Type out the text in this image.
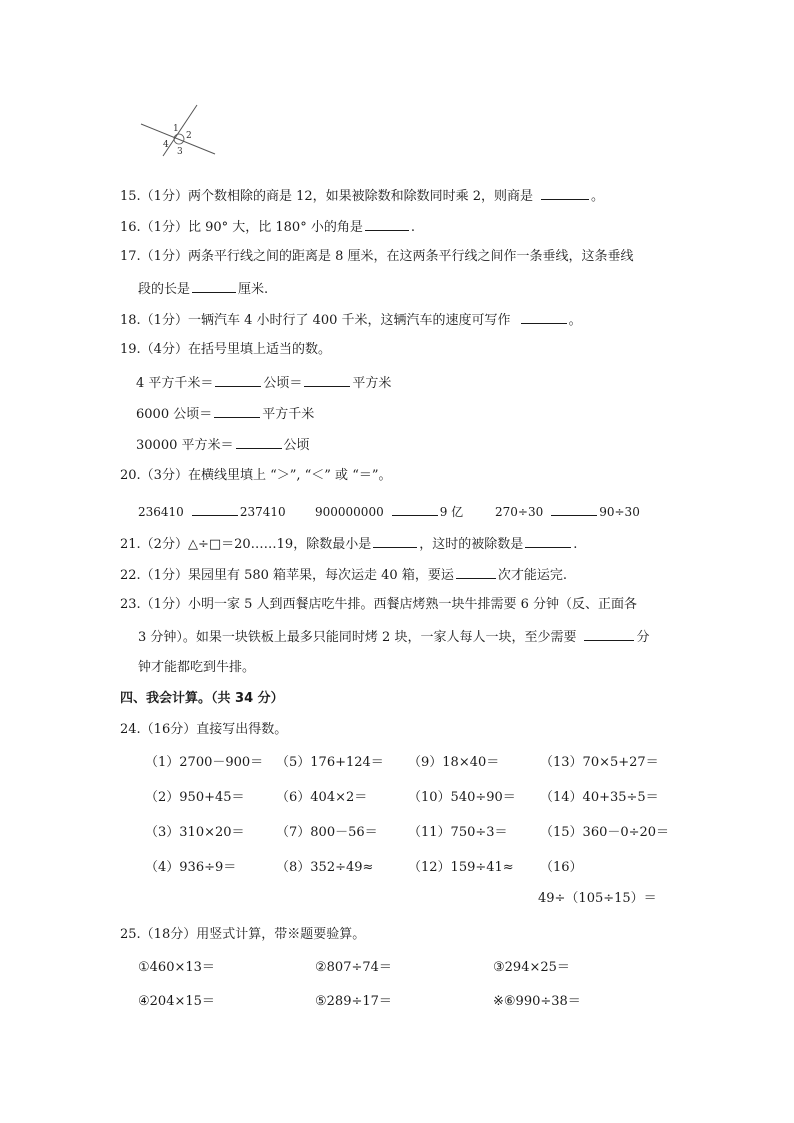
1
2
3
4
15.（1分）两个数相除的商是 12，如果被除数和除数同时乘 2，则商是	。
16.（1分）比 90° 大，比 180° 小的角是	.
17.（1分）两条平行线之间的距离是 8 厘米，在这两条平行线之间作一条垂线，这条垂线
段的长是	厘米.
18.（1分）一辆汽车 4 小时行了 400 千米，这辆汽车的速度可写作	。
19.（4分）在括号里填上适当的数。
4 平方千米＝	公顷＝	平方米
6000 公顷＝	平方千米
30000 平方米＝	公顷
20.（3分）在横线里填上 “＞”, “＜” 或 “＝”。
236410	237410 900000000	9 亿	270÷30	90÷30
21.（2分）△÷□＝20……19，除数最小是	，这时的被除数是	.
22.（1分）果园里有 580 箱苹果，每次运走 40 箱，要运	次才能运完.
23.（1分）小明一家 5 人到西餐店吃牛排。西餐店烤熟一块牛排需要 6 分钟（反、正面各
3 分钟）。如果一块铁板上最多只能同时烤 2 块，一家人每人一块，至少需要	分
钟才能都吃到牛排。
四、我会计算。（共 34 分）
24.（16分）直接写出得数。
（1）2700－900＝ （5）176+124＝ （9）18×40＝	（13）70×5+27＝
（2）950+45＝ （6）404×2＝	（10）540÷90＝ （14）40+35÷5＝
（3）310×20＝ （7）800－56＝ （11）750÷3＝ （15）360－0÷20＝
（4）936÷9＝	（8）352÷49≈	（12）159÷41≈ （16）
49÷（105÷15）＝
25.（18分）用竖式计算，带※题要验算。
①460×13＝	②807÷74＝	③294×25＝
④204×15＝	⑤289÷17＝	※⑥990÷38＝
